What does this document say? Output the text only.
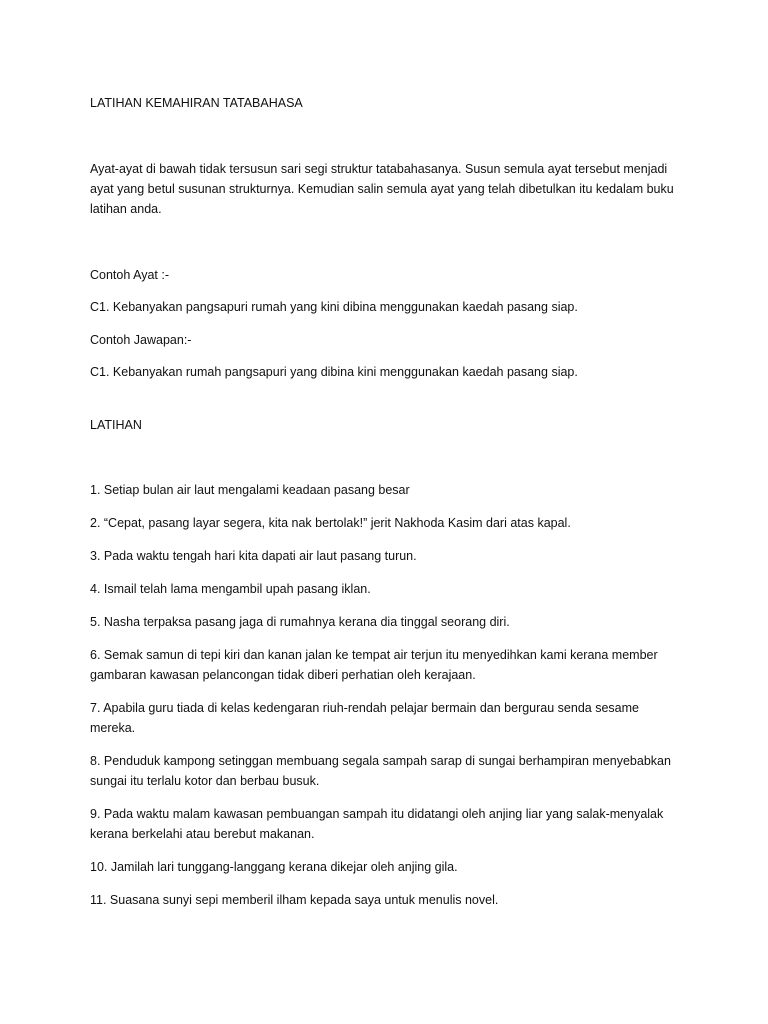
LATIHAN KEMAHIRAN TATABAHASA

Ayat-ayat di bawah tidak tersusun sari segi struktur tatabahasanya. Susun semula ayat tersebut menjadi ayat yang betul susunan strukturnya. Kemudian salin semula ayat yang telah dibetulkan itu kedalam buku latihan anda.

Contoh Ayat :-

C1. Kebanyakan pangsapuri rumah yang kini dibina menggunakan kaedah pasang siap.

Contoh Jawapan:-

C1. Kebanyakan rumah pangsapuri yang dibina kini menggunakan kaedah pasang siap.

LATIHAN

1. Setiap bulan air laut mengalami keadaan pasang besar
2. “Cepat, pasang layar segera, kita nak bertolak!” jerit Nakhoda Kasim dari atas kapal.
3. Pada waktu tengah hari kita dapati air laut pasang turun.
4. Ismail telah lama mengambil upah pasang iklan.
5. Nasha terpaksa pasang jaga di rumahnya kerana dia tinggal seorang diri.
6. Semak samun di tepi kiri dan kanan jalan ke tempat air terjun itu menyedihkan kami kerana member gambaran kawasan pelancongan tidak diberi perhatian oleh kerajaan.
7. Apabila guru tiada di kelas kedengaran riuh-rendah pelajar bermain dan bergurau senda sesame mereka.
8. Penduduk kampong setinggan membuang segala sampah sarap di sungai berhampiran menyebabkan sungai itu terlalu kotor dan berbau busuk.
9. Pada waktu malam kawasan pembuangan sampah itu didatangi oleh anjing liar yang salak-menyalak kerana berkelahi atau berebut makanan.
10. Jamilah lari tunggang-langgang kerana dikejar oleh anjing gila.
11. Suasana sunyi sepi memberil ilham kepada saya untuk menulis novel.
